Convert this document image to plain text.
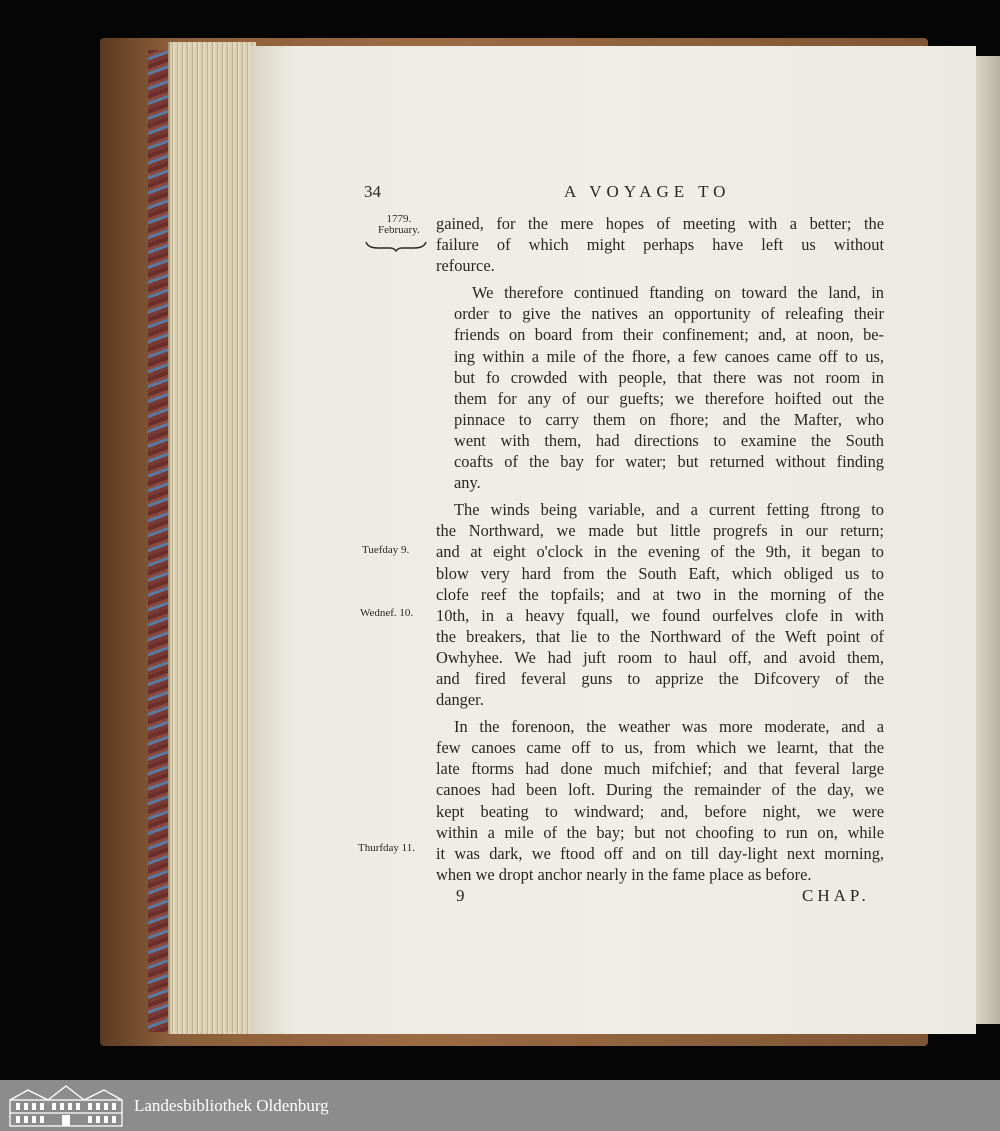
34	A VOYAGE TO
1779.
February.
Tuefday 9.
Wednef. 10.
Thurfday 11.

gained, for the mere hopes of meeting with a better; the
failure of which might perhaps have left us without
refource.

We therefore continued ftanding on toward the land, in
order to give the natives an opportunity of releafing their
friends on board from their confinement; and, at noon, be-
ing within a mile of the fhore, a few canoes came off to us,
but fo crowded with people, that there was not room in
them for any of our guefts; we therefore hoifted out the
pinnace to carry them on fhore; and the Mafter, who
went with them, had directions to examine the South
coafts of the bay for water; but returned without finding
any.

The winds being variable, and a current fetting ftrong to
the Northward, we made but little progrefs in our return;
and at eight o'clock in the evening of the 9th, it began to
blow very hard from the South Eaft, which obliged us to
clofe reef the topfails; and at two in the morning of the
10th, in a heavy fquall, we found ourfelves clofe in with
the breakers, that lie to the Northward of the Weft point of
Owhyhee. We had juft room to haul off, and avoid them,
and fired feveral guns to apprize the Difcovery of the
danger.

In the forenoon, the weather was more moderate, and a
few canoes came off to us, from which we learnt, that the
late ftorms had done much mifchief; and that feveral large
canoes had been loft. During the remainder of the day, we
kept beating to windward; and, before night, we were
within a mile of the bay; but not choofing to run on, while
it was dark, we ftood off and on till day-light next morning,
when we dropt anchor nearly in the fame place as before.

9	CHAP.
Landesbibliothek Oldenburg
